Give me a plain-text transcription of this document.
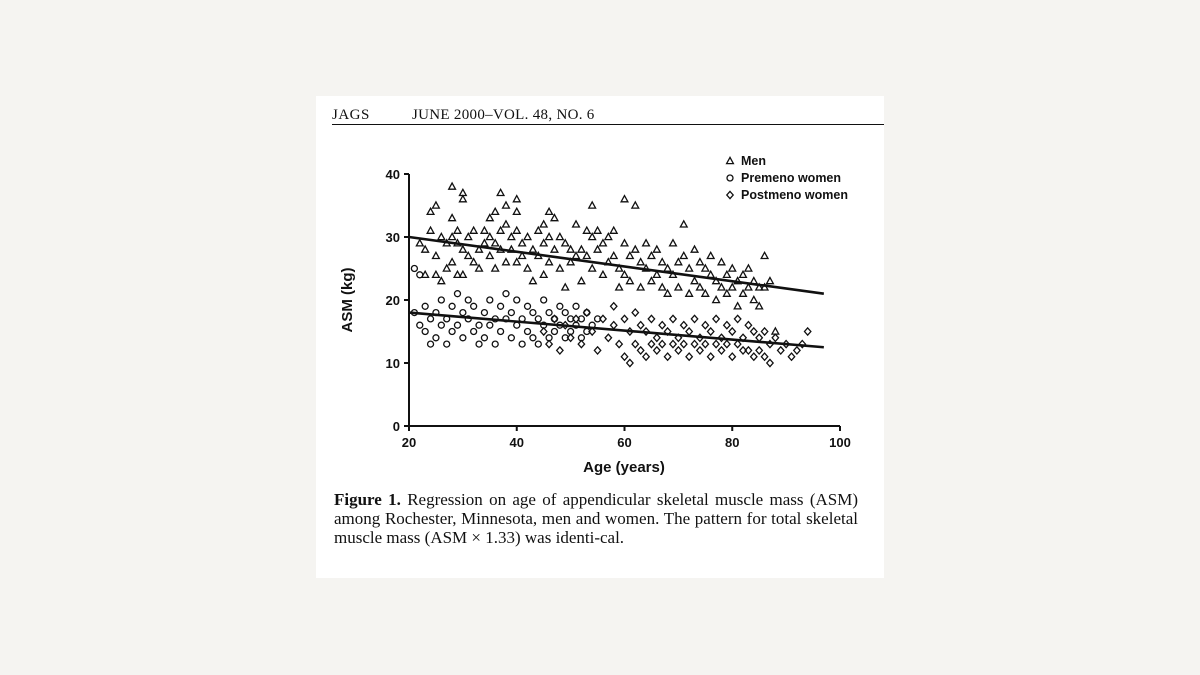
JAGS	JUNE 2000–VOL. 48, NO. 6
20	40	60	80	100
0
10
20
30
40
Age (years)
ASM (kg)
Men
Premeno women
Postmeno women
Figure 1. Regression on age of appendicular skeletal muscle mass (ASM) among Rochester, Minnesota, men and women. The pattern for total skeletal muscle mass (ASM × 1.33) was identi-cal.
